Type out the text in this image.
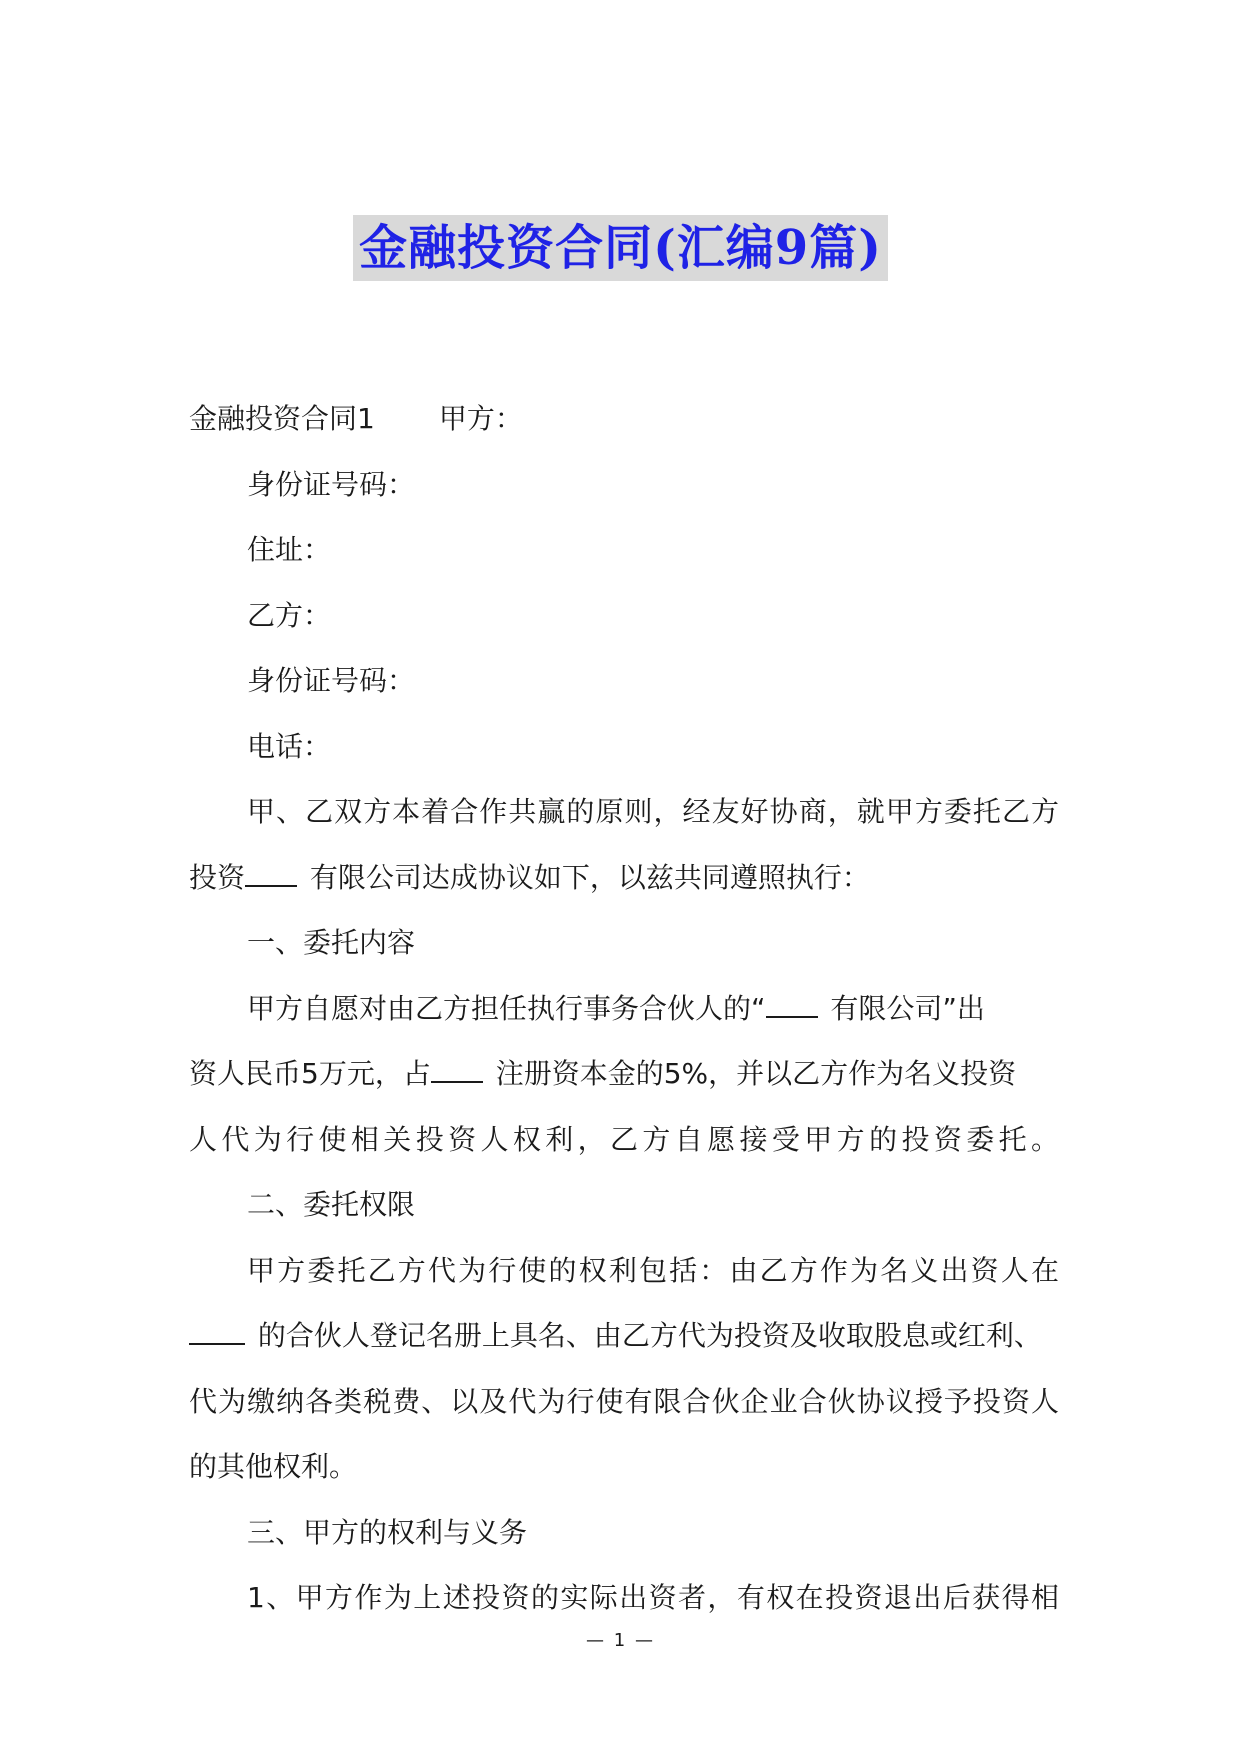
金融投资合同(汇编9篇)
金融投资合同1 甲方：
身份证号码：
住址：
乙方：
身份证号码：
电话：
甲、乙双方本着合作共赢的原则，经友好协商，就甲方委托乙方
投资 有限公司达成协议如下，以兹共同遵照执行：
一、委托内容
甲方自愿对由乙方担任执行事务合伙人的“ 有限公司”出
资人民币5万元，占 注册资本金的5%，并以乙方作为名义投资
人代为行使相关投资人权利，乙方自愿接受甲方的投资委托。
二、委托权限
甲方委托乙方代为行使的权利包括：由乙方作为名义出资人在
的合伙人登记名册上具名、由乙方代为投资及收取股息或红利、
代为缴纳各类税费、以及代为行使有限合伙企业合伙协议授予投资人
的其他权利。
三、甲方的权利与义务
1、甲方作为上述投资的实际出资者，有权在投资退出后获得相
— 1 —
